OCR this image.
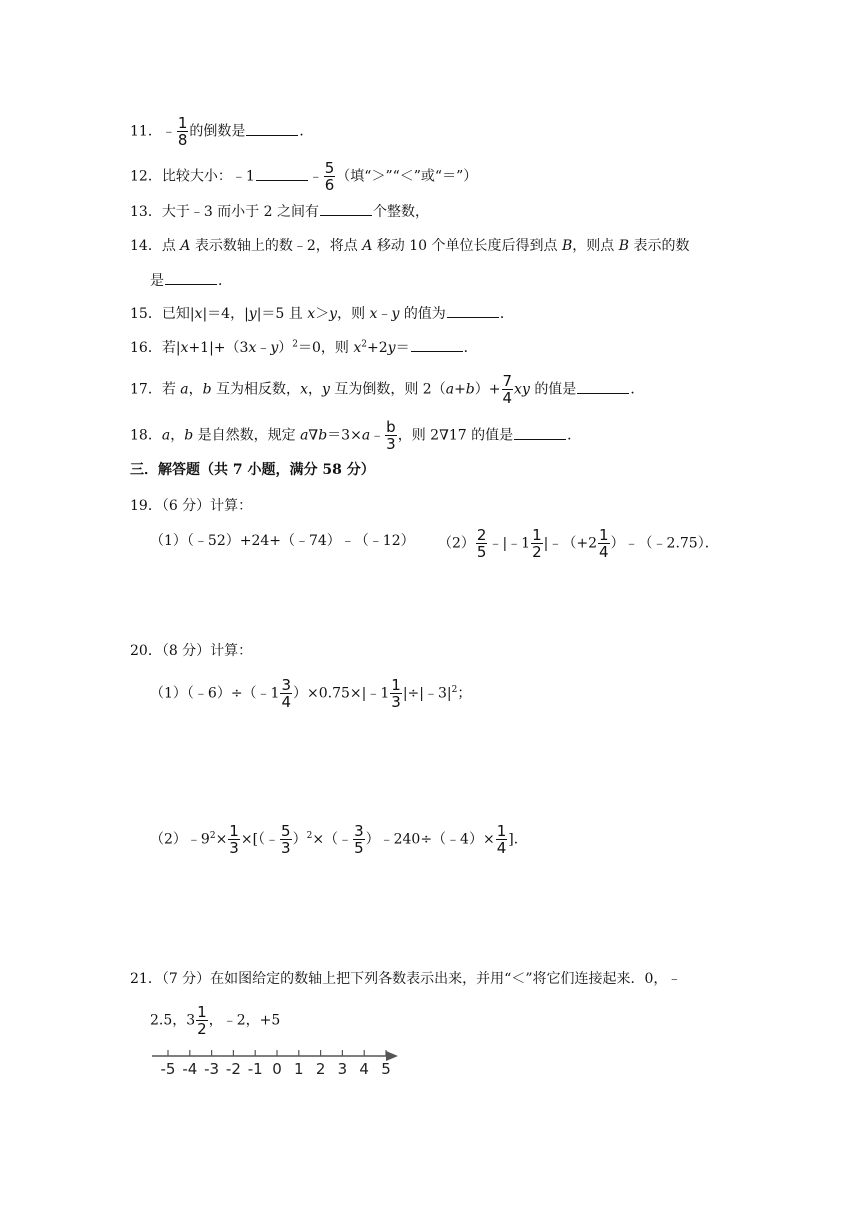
11．﹣ $\frac{1}{8}$ 的倒数是	．
12．比较大小：﹣1	﹣ $\frac{5}{6}$ （填“＞”“＜”或“＝”）
13．大于﹣3 而小于 2 之间有	个整数，
14．点 A 表示数轴上的数﹣2，将点 A 移动 10 个单位长度后得到点 B，则点 B 表示的数
是	．
15．已知|x|＝4，|y|＝5 且 x＞y，则 x﹣y 的值为	．
16．若|x+1|+（3x﹣y）$^2$＝0，则 $x^2+2y=$	．
17．若 a，b 互为相反数，x，y 互为倒数，则 $2(a+b)+ \frac{7}{4}$ xy 的值是	．
18．a，b 是自然数，规定 a∇b＝3×a﹣ $\frac{b}{3}$ ，则 2∇17 的值是	．
三．解答题（共 7 小题，满分 58 分）
19．（6 分）计算：
（1）（﹣52）+24+（﹣74）﹣（﹣12） $(2) \frac{2}{5}$ ﹣|﹣1 $\frac{1}{2}$ |﹣（+2 $\frac{1}{4}$ ）﹣（﹣2.75）．
20．（8 分）计算：
（1）（﹣6）÷（﹣1 $\frac{3}{4}$ ）×0.75×|﹣1 $\frac{1}{3}$ $|\div|﹣3|^2$；
$(2)﹣9^2\times \frac{1}{3}$ ×[（﹣ $\frac{5}{3}$ ）$^2$×（﹣ $\frac{3}{5}$ ）﹣240÷（﹣4）× $\frac{1}{4}$ ]．
21．（7 分）在如图给定的数轴上把下列各数表示出来，并用“＜”将它们连接起来．0，﹣
2.5，$3 \frac{1}{2}$ ，﹣2，+5
-5 -4 -3 -2 -1 0 1 2 3 4 5
